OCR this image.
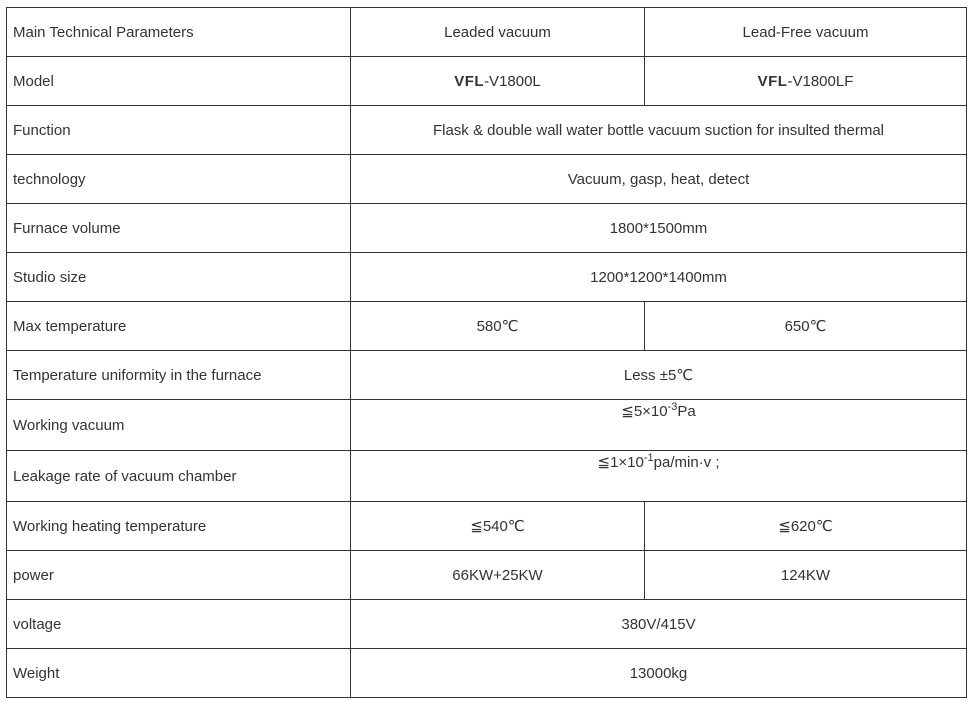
Main Technical Parameters	Leaded vacuum	Lead-Free vacuum
Model	VFL-V1800L	VFL-V1800LF
Function	Flask & double wall water bottle vacuum suction for insulted thermal	
technology	Vacuum, gasp, heat, detect	
Furnace volume	1800*1500mm	
Studio size	1200*1200*1400mm	
Max temperature	580℃	650℃
Temperature uniformity in the furnace	Less ±5℃	
Working vacuum	$≦5\times 10^{-3}Pa$	
Leakage rate of vacuum chamber	$≦1\times 10^{-1}pa/\min\cdot v$ ;	
Working heating temperature	≦540℃	≦620℃
power	66KW+25KW	124KW
voltage	380V/415V	
Weight	13000kg	
